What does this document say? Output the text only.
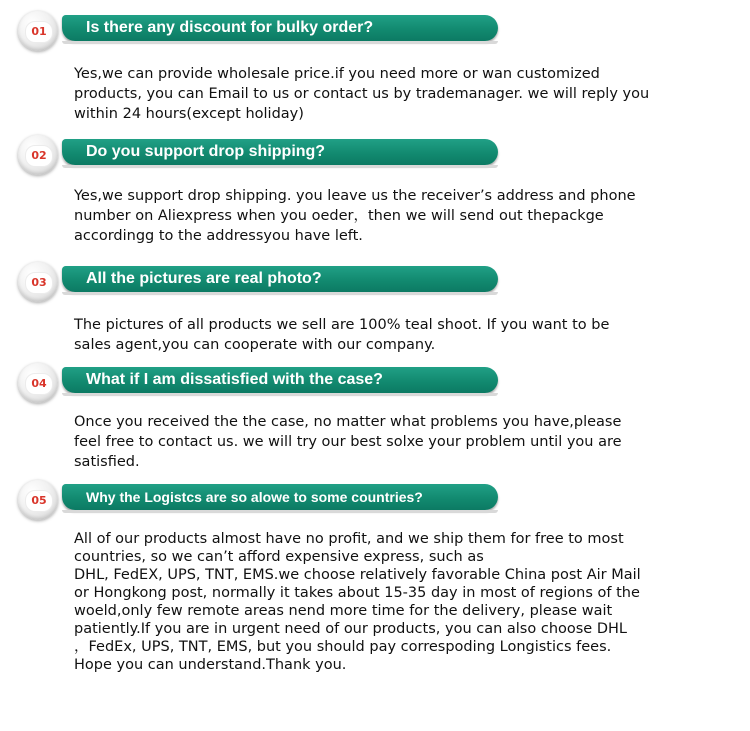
01	Is there any discount for bulky order?
Yes,we can provide wholesale price.if you need more or wan customized
products, you can Email to us or contact us by trademanager. we will reply you
within 24 hours(except holiday)
02	Do you support drop shipping?
Yes,we support drop shipping. you leave us the receiver’s address and phone
number on Aliexpress when you oeder，then we will send out thepackge
accordingg to the addressyou have left.
03	All the pictures are real photo?
The pictures of all products we sell are 100% teal shoot. If you want to be
sales agent,you can cooperate with our company.
04	What if I am dissatisfied with the case?
Once you received the the case, no matter what problems you have,please
feel free to contact us. we will try our best solxe your problem until you are
satisfied.
05	Why the Logistcs are so alowe to some countries?
All of our products almost have no profit, and we ship them for free to most
countries, so we can’t afford expensive express, such as
DHL, FedEX, UPS, TNT, EMS.we choose relatively favorable China post Air Mail
or Hongkong post, normally it takes about 15-35 day in most of regions of the
woeld,only few remote areas nend more time for the delivery, please wait
patiently.If you are in urgent need of our products, you can also choose DHL
，FedEx, UPS, TNT, EMS, but you should pay correspoding Longistics fees.
Hope you can understand.Thank you.
